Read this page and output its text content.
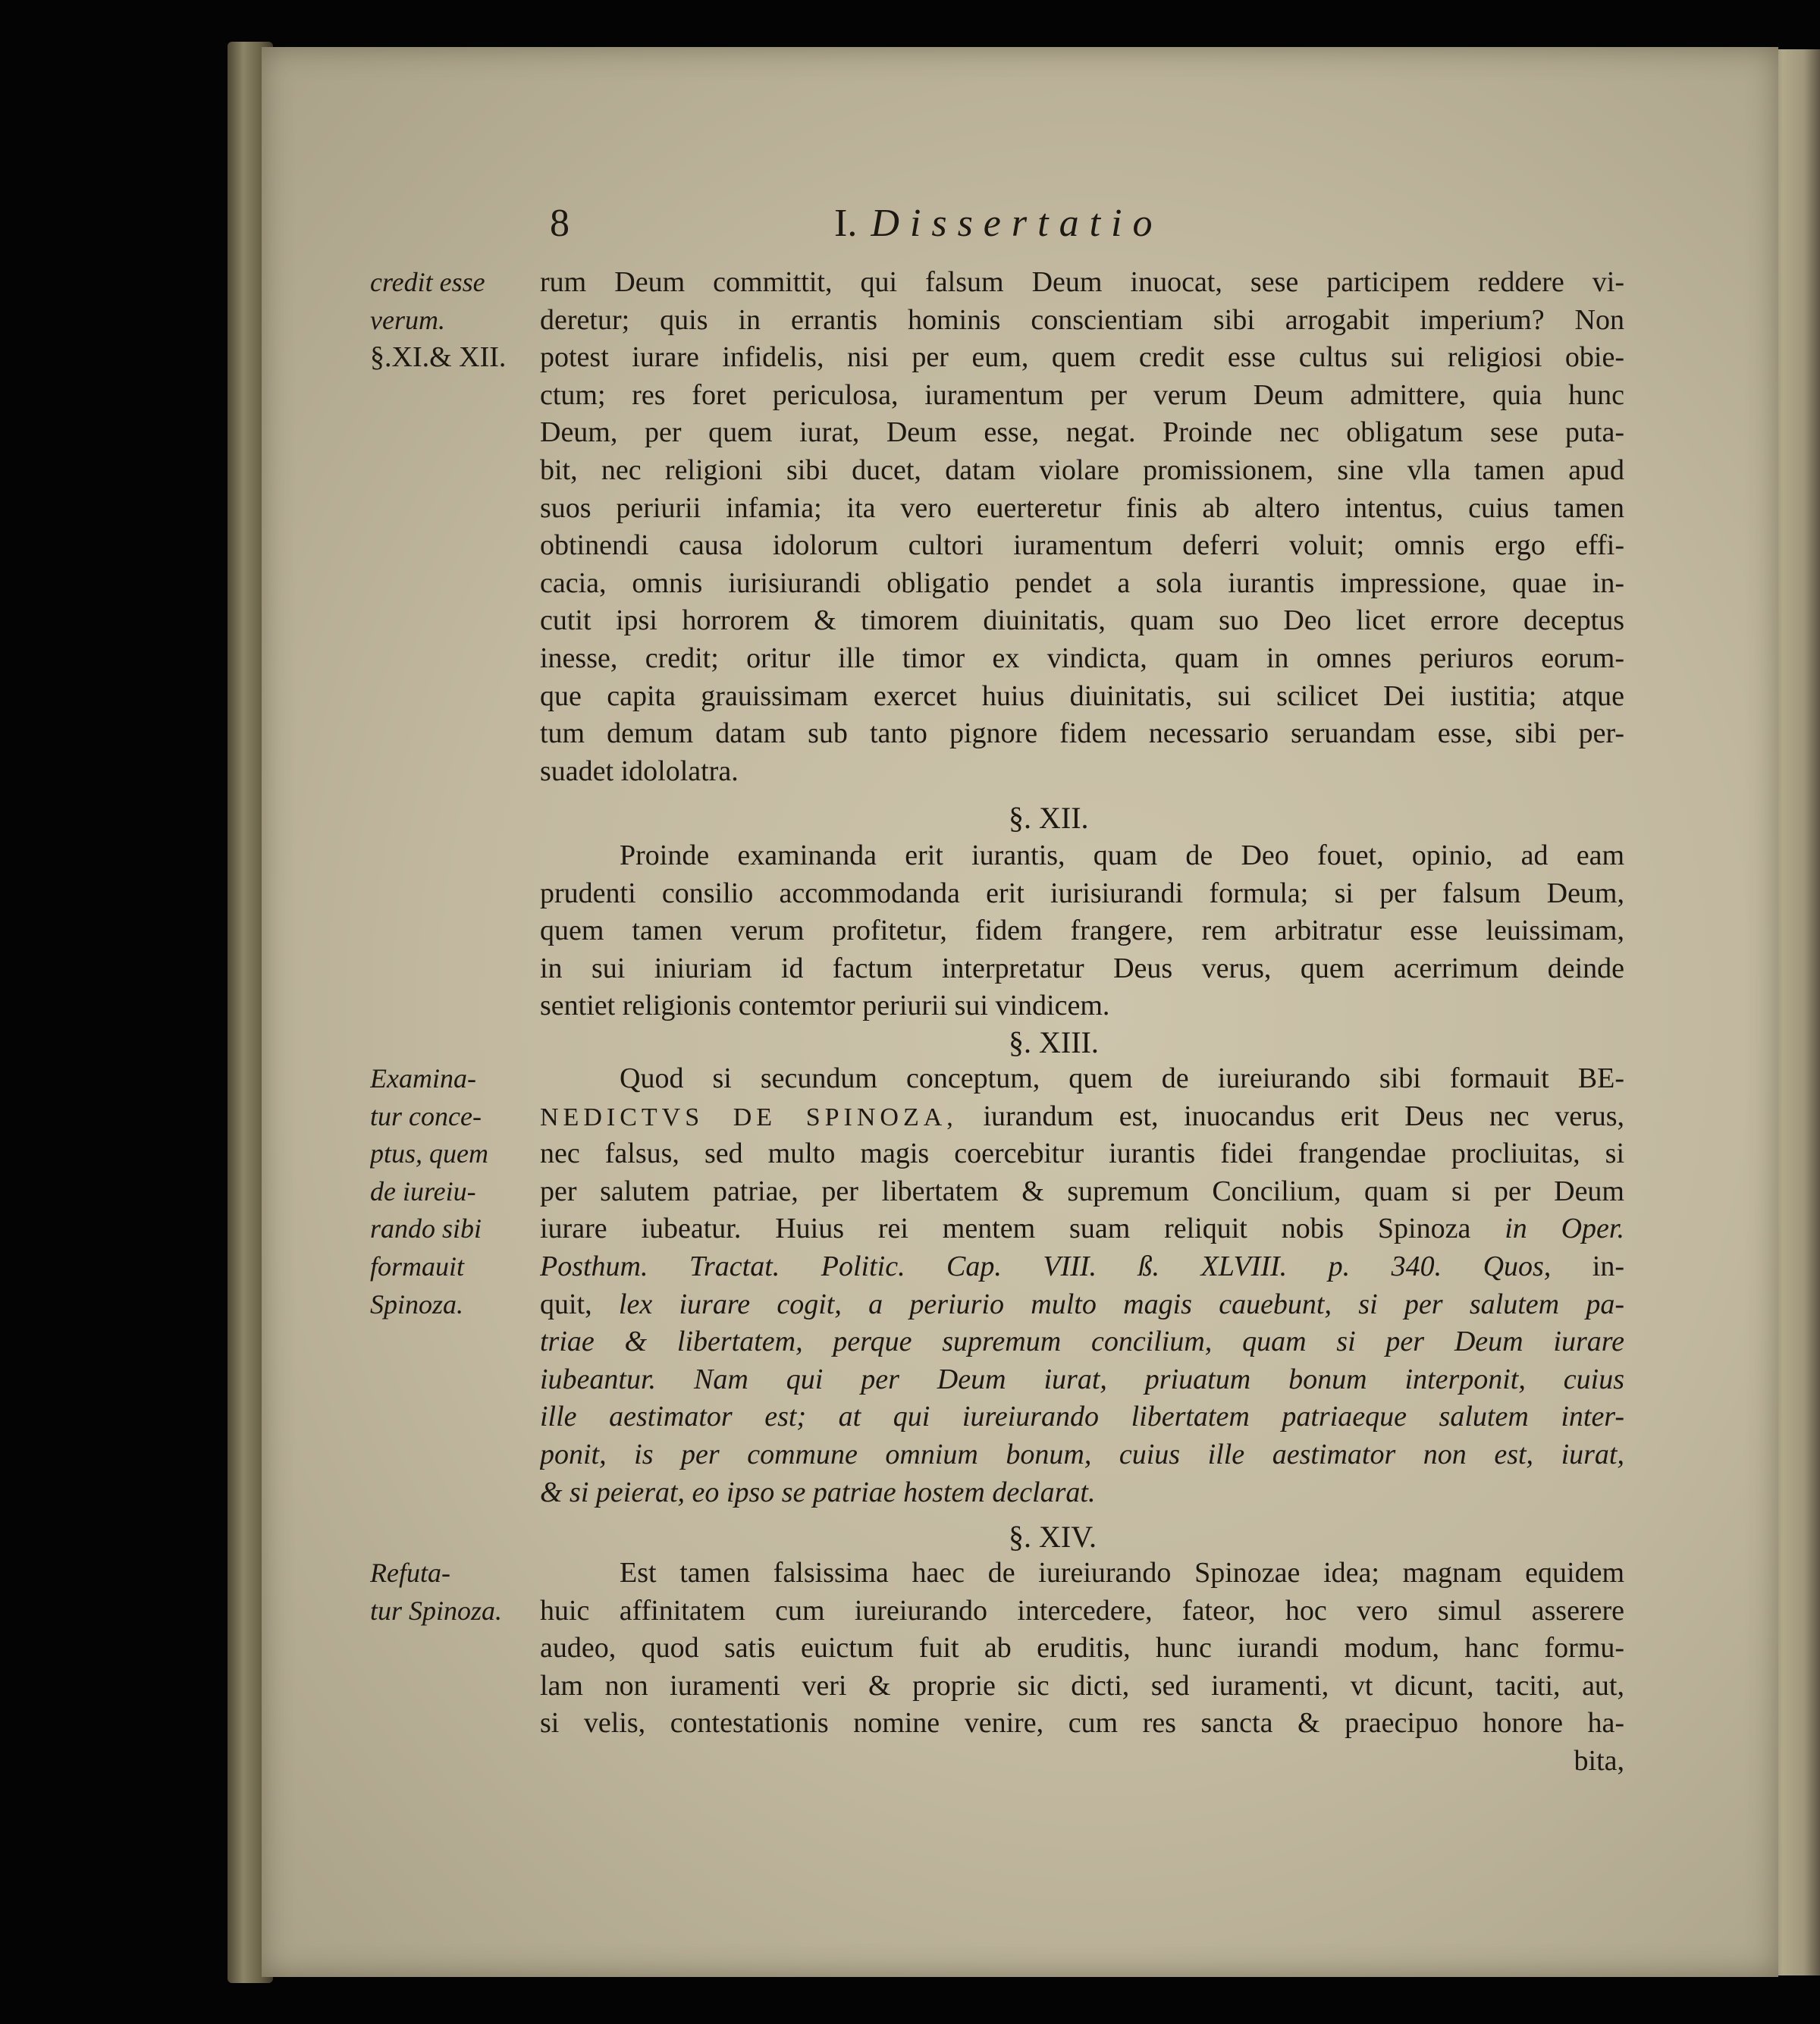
8	I. Dissertatio
credit esse
verum.
§.XI.& XII.
Examina-
tur conce-
ptus, quem
de iureiu-
rando sibi
formauit
Spinoza.
Refuta-
tur Spinoza.
rum Deum committit, qui falsum Deum inuocat, sese participem reddere vi-
deretur; quis in errantis hominis conscientiam sibi arrogabit imperium? Non
potest iurare infidelis, nisi per eum, quem credit esse cultus sui religiosi obie-
ctum; res foret periculosa, iuramentum per verum Deum admittere, quia hunc
Deum, per quem iurat, Deum esse, negat. Proinde nec obligatum sese puta-
bit, nec religioni sibi ducet, datam violare promissionem, sine vlla tamen apud
suos periurii infamia; ita vero euerteretur finis ab altero intentus, cuius tamen
obtinendi causa idolorum cultori iuramentum deferri voluit; omnis ergo effi-
cacia, omnis iurisiurandi obligatio pendet a sola iurantis impressione, quae in-
cutit ipsi horrorem & timorem diuinitatis, quam suo Deo licet errore deceptus
inesse, credit; oritur ille timor ex vindicta, quam in omnes periuros eorum-
que capita grauissimam exercet huius diuinitatis, sui scilicet Dei iustitia; atque
tum demum datam sub tanto pignore fidem necessario seruandam esse, sibi per-
suadet idololatra.
§. XII.
Proinde examinanda erit iurantis, quam de Deo fouet, opinio, ad eam
prudenti consilio accommodanda erit iurisiurandi formula; si per falsum Deum,
quem tamen verum profitetur, fidem frangere, rem arbitratur esse leuissimam,
in sui iniuriam id factum interpretatur Deus verus, quem acerrimum deinde
sentiet religionis contemtor periurii sui vindicem.
§. XIII.
Quod si secundum conceptum, quem de iureiurando sibi formauit BE-
NEDICTVS DE SPINOZA, iurandum est, inuocandus erit Deus nec verus,
nec falsus, sed multo magis coercebitur iurantis fidei frangendae procliuitas, si
per salutem patriae, per libertatem & supremum Concilium, quam si per Deum
iurare iubeatur. Huius rei mentem suam reliquit nobis Spinoza in Oper.
Posthum. Tractat. Politic. Cap. VIII. ß. XLVIII. p. 340. Quos, in-
quit, lex iurare cogit, a periurio multo magis cauebunt, si per salutem pa-
triae & libertatem, perque supremum concilium, quam si per Deum iurare
iubeantur. Nam qui per Deum iurat, priuatum bonum interponit, cuius
ille aestimator est; at qui iureiurando libertatem patriaeque salutem inter-
ponit, is per commune omnium bonum, cuius ille aestimator non est, iurat,
& si peierat, eo ipso se patriae hostem declarat.
§. XIV.
Est tamen falsissima haec de iureiurando Spinozae idea; magnam equidem
huic affinitatem cum iureiurando intercedere, fateor, hoc vero simul asserere
audeo, quod satis euictum fuit ab eruditis, hunc iurandi modum, hanc formu-
lam non iuramenti veri & proprie sic dicti, sed iuramenti, vt dicunt, taciti, aut,
si velis, contestationis nomine venire, cum res sancta & praecipuo honore ha-
bita,
